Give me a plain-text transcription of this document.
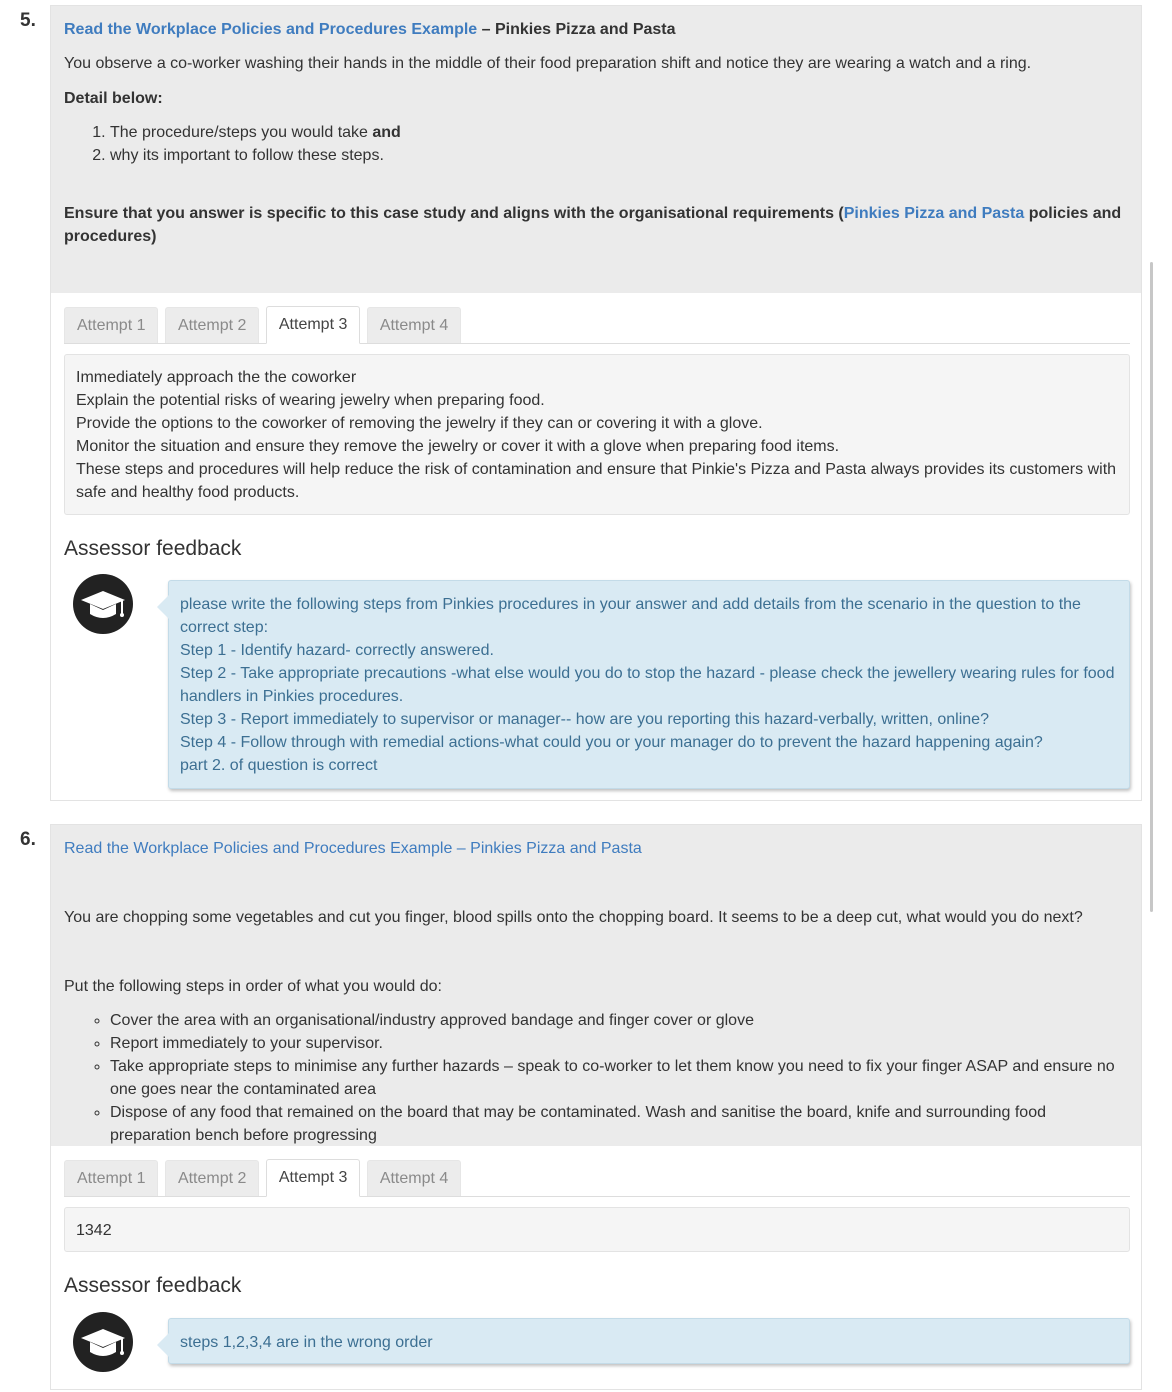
5. Read the Workplace Policies and Procedures Example – Pinkies Pizza and Pasta

You observe a co-worker washing their hands in the middle of their food preparation shift and notice they are wearing a watch and a ring.

Detail below:

1. The procedure/steps you would take and
2. why its important to follow these steps.

Ensure that you answer is specific to this case study and aligns with the organisational requirements (Pinkies Pizza and Pasta policies and procedures)

Attempt 1 Attempt 2 Attempt 3 Attempt 4
Immediately approach the the coworker
Explain the potential risks of wearing jewelry when preparing food.
Provide the options to the coworker of removing the jewelry if they can or covering it with a glove.
Monitor the situation and ensure they remove the jewelry or cover it with a glove when preparing food items.
These steps and procedures will help reduce the risk of contamination and ensure that Pinkie's Pizza and Pasta always provides its customers with safe and healthy food products.
Assessor feedback
please write the following steps from Pinkies procedures in your answer and add details from the scenario in the question to the correct step:
Step 1 - Identify hazard- correctly answered.
Step 2 - Take appropriate precautions -what else would you do to stop the hazard - please check the jewellery wearing rules for food handlers in Pinkies procedures.
Step 3 - Report immediately to supervisor or manager-- how are you reporting this hazard-verbally, written, online?
Step 4 - Follow through with remedial actions-what could you or your manager do to prevent the hazard happening again?
part 2. of question is correct
6. Read the Workplace Policies and Procedures Example – Pinkies Pizza and Pasta

You are chopping some vegetables and cut you finger, blood spills onto the chopping board. It seems to be a deep cut, what would you do next?

Put the following steps in order of what you would do:

◦ Cover the area with an organisational/industry approved bandage and finger cover or glove
◦ Report immediately to your supervisor.
◦ Take appropriate steps to minimise any further hazards – speak to co-worker to let them know you need to fix your finger ASAP and ensure no one goes near the contaminated area
◦ Dispose of any food that remained on the board that may be contaminated. Wash and sanitise the board, knife and surrounding food preparation bench before progressing
Attempt 1 Attempt 2 Attempt 3 Attempt 4
1342
Assessor feedback
steps 1,2,3,4 are in the wrong order
